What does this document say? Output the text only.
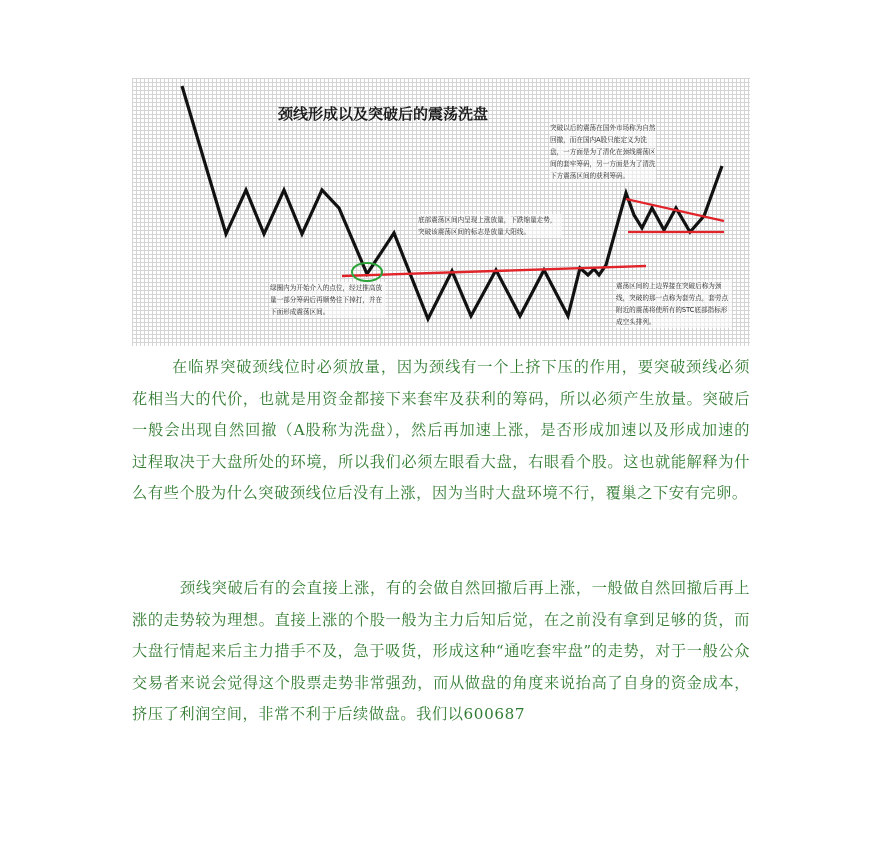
颈线形成以及突破后的震荡洗盘

突破以后的震荡在国外市场称为自然回撤，而在国内A股只能定义为洗盘，一方面是为了清化在颈线震荡区间的套牢筹码，另一方面是为了清洗下方震荡区间的获利筹码。

底部震荡区间内呈现上涨放量，下跌缩量走势，突破该震荡区间的标志是放量大阳线。

绿圈内为开始介入的点位，经过推高放量一部分筹码后再顺势往下掉打，并在下面形成震荡区间。

震荡区间的上边界接在突破后称为颈线，突破的那一点称为套劳点，套劳点附近的震荡将使所有的STC底部指标形成空头排列。

在临界突破颈线位时必须放量，因为颈线有一个上挤下压的作用，要突破颈线必须花相当大的代价，也就是用资金都接下来套牢及获利的筹码，所以必须产生放量。突破后一般会出现自然回撤（A股称为洗盘），然后再加速上涨，是否形成加速以及形成加速的过程取决于大盘所处的环境，所以我们必须左眼看大盘，右眼看个股。这也就能解释为什么有些个股为什么突破颈线位后没有上涨，因为当时大盘环境不行，覆巢之下安有完卵。

颈线突破后有的会直接上涨，有的会做自然回撤后再上涨，一般做自然回撤后再上涨的走势较为理想。直接上涨的个股一般为主力后知后觉，在之前没有拿到足够的货，而大盘行情起来后主力措手不及，急于吸货，形成这种“通吃套牢盘”的走势，对于一般公众交易者来说会觉得这个股票走势非常强劲，而从做盘的角度来说抬高了自身的资金成本，挤压了利润空间，非常不利于后续做盘。我们以600687
